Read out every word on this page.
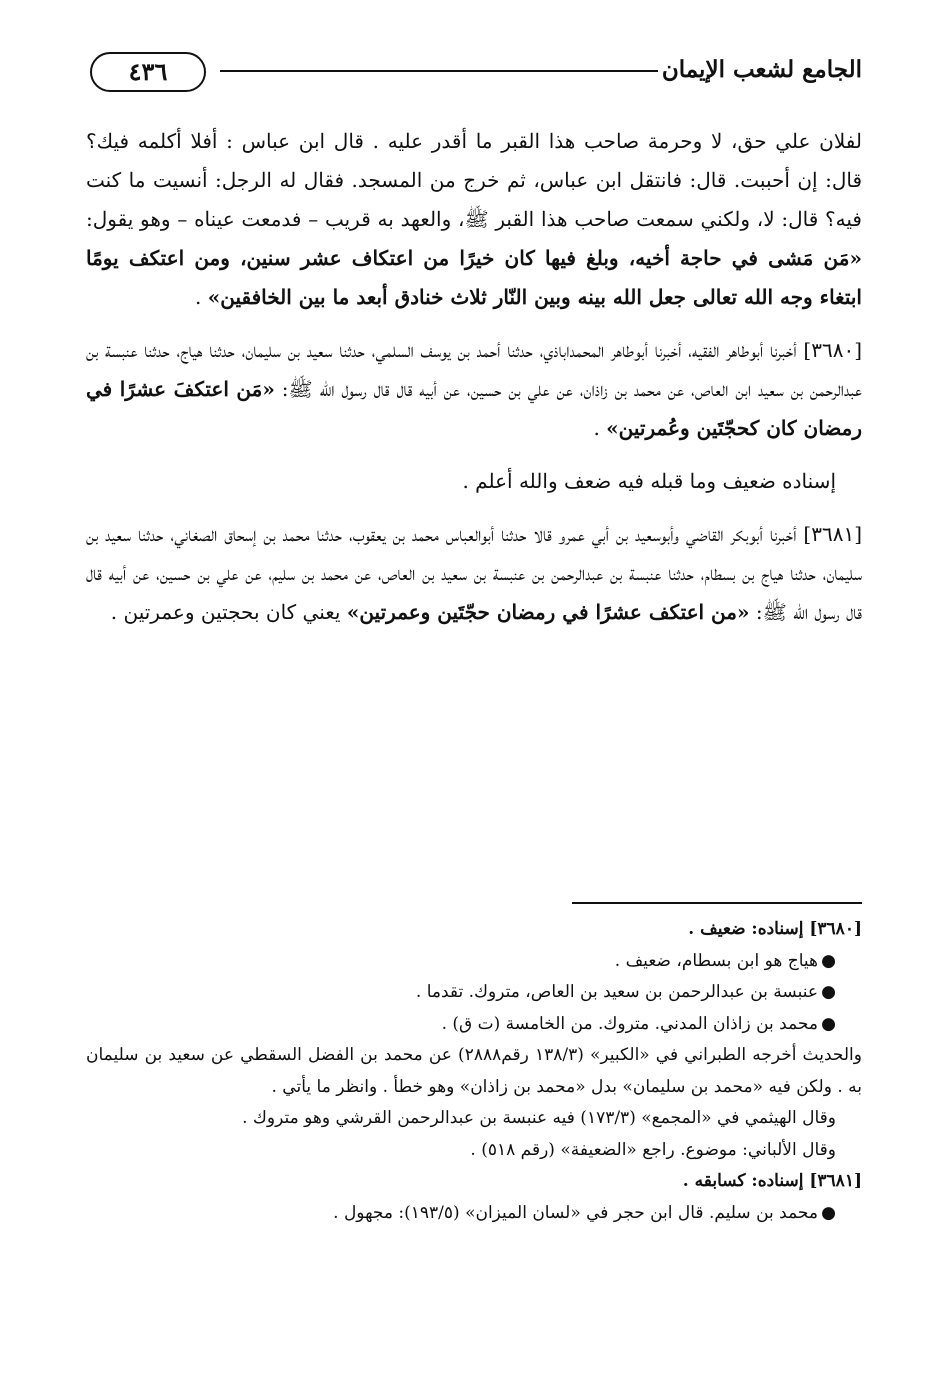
الجامع لشعب الإيمان
٤٣٦

لفلان علي حق، لا وحرمة صاحب هذا القبر ما أقدر عليه . قال ابن عباس : أفلا أكلمه فيك؟ قال: إن أحببت. قال: فانتقل ابن عباس، ثم خرج من المسجد. فقال له الرجل: أنسيت ما كنت فيه؟ قال: لا، ولكني سمعت صاحب هذا القبر ﷺ، والعهد به قريب – فدمعت عيناه – وهو يقول: «مَن مَشى في حاجة أخيه، وبلغ فيها كان خيرًا من اعتكاف عشر سنين، ومن اعتكف يومًا ابتغاء وجه الله تعالى جعل الله بينه وبين النّار ثلاث خنادق أبعد ما بين الخافقين» .

[٣٦٨٠] أخبرنا أبوطاهر الفقيه، أخبرنا أبوطاهر المحمداباذي، حدثنا أحمد بن يوسف السلمي، حدثنا سعيد بن سليمان، حدثنا هياج، حدثنا عنبسة بن عبدالرحمن بن سعيد ابن العاص، عن محمد بن زاذان، عن علي بن حسين، عن أبيه قال قال رسول الله ﷺ: «مَن اعتكفَ عشرًا في رمضان كان كحجّتَين وعُمرتين» .

إسناده ضعيف وما قبله فيه ضعف والله أعلم .

[٣٦٨١] أخبرنا أبوبكر القاضي وأبوسعيد بن أبي عمرو قالا حدثنا أبوالعباس محمد بن يعقوب، حدثنا محمد بن إسحاق الصغاني، حدثنا سعيد بن سليمان، حدثنا هياج بن بسطام، حدثنا عنبسة بن عبدالرحمن بن عنبسة بن سعيد بن العاص، عن محمد بن سليم، عن علي بن حسين، عن أبيه قال قال رسول الله ﷺ: «من اعتكف عشرًا في رمضان حجّتَين وعمرتين» يعني كان بحجتين وعمرتين .

[٣٦٨٠] إسناده: ضعيف .

●هياج هو ابن بسطام، ضعيف .

●عنبسة بن عبدالرحمن بن سعيد بن العاص، متروك. تقدما .

●محمد بن زاذان المدني. متروك. من الخامسة (ت ق) .

والحديث أخرجه الطبراني في «الكبير» (١٣٨/٣ رقم٢٨٨٨) عن محمد بن الفضل السقطي عن سعيد بن سليمان به . ولكن فيه «محمد بن سليمان» بدل «محمد بن زاذان» وهو خطأ . وانظر ما يأتي .

وقال الهيثمي في «المجمع» (١٧٣/٣) فيه عنبسة بن عبدالرحمن القرشي وهو متروك .

وقال الألباني: موضوع. راجع «الضعيفة» (رقم ٥١٨) .

[٣٦٨١] إسناده: كسابقه .

●محمد بن سليم. قال ابن حجر في «لسان الميزان» (١٩٣/٥): مجهول .
